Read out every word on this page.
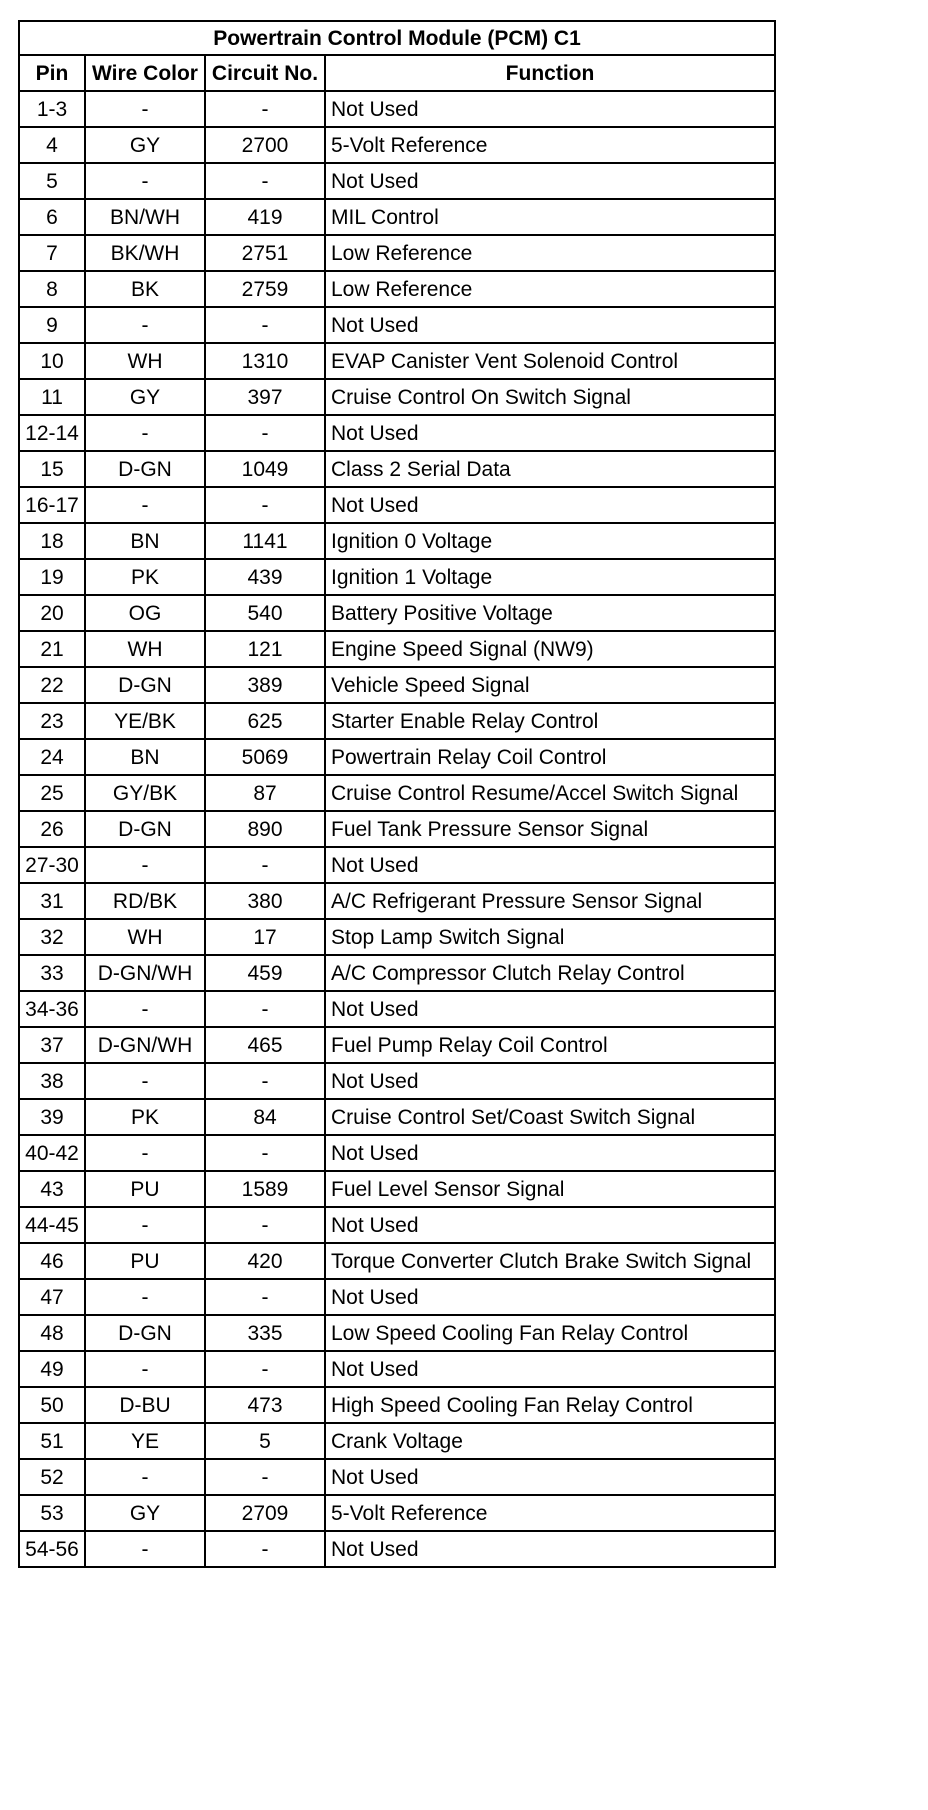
Powertrain Control Module (PCM) C1			
Pin	Wire Color	Circuit No.	Function
1-3	-	-	Not Used
4	GY	2700	5-Volt Reference
5	-	-	Not Used
6	BN/WH	419	MIL Control
7	BK/WH	2751	Low Reference
8	BK	2759	Low Reference
9	-	-	Not Used
10	WH	1310	EVAP Canister Vent Solenoid Control
11	GY	397	Cruise Control On Switch Signal
12-14	-	-	Not Used
15	D-GN	1049	Class 2 Serial Data
16-17	-	-	Not Used
18	BN	1141	Ignition 0 Voltage
19	PK	439	Ignition 1 Voltage
20	OG	540	Battery Positive Voltage
21	WH	121	Engine Speed Signal (NW9)
22	D-GN	389	Vehicle Speed Signal
23	YE/BK	625	Starter Enable Relay Control
24	BN	5069	Powertrain Relay Coil Control
25	GY/BK	87	Cruise Control Resume/Accel Switch Signal
26	D-GN	890	Fuel Tank Pressure Sensor Signal
27-30	-	-	Not Used
31	RD/BK	380	A/C Refrigerant Pressure Sensor Signal
32	WH	17	Stop Lamp Switch Signal
33	D-GN/WH	459	A/C Compressor Clutch Relay Control
34-36	-	-	Not Used
37	D-GN/WH	465	Fuel Pump Relay Coil Control
38	-	-	Not Used
39	PK	84	Cruise Control Set/Coast Switch Signal
40-42	-	-	Not Used
43	PU	1589	Fuel Level Sensor Signal
44-45	-	-	Not Used
46	PU	420	Torque Converter Clutch Brake Switch Signal
47	-	-	Not Used
48	D-GN	335	Low Speed Cooling Fan Relay Control
49	-	-	Not Used
50	D-BU	473	High Speed Cooling Fan Relay Control
51	YE	5	Crank Voltage
52	-	-	Not Used
53	GY	2709	5-Volt Reference
54-56	-	-	Not Used
